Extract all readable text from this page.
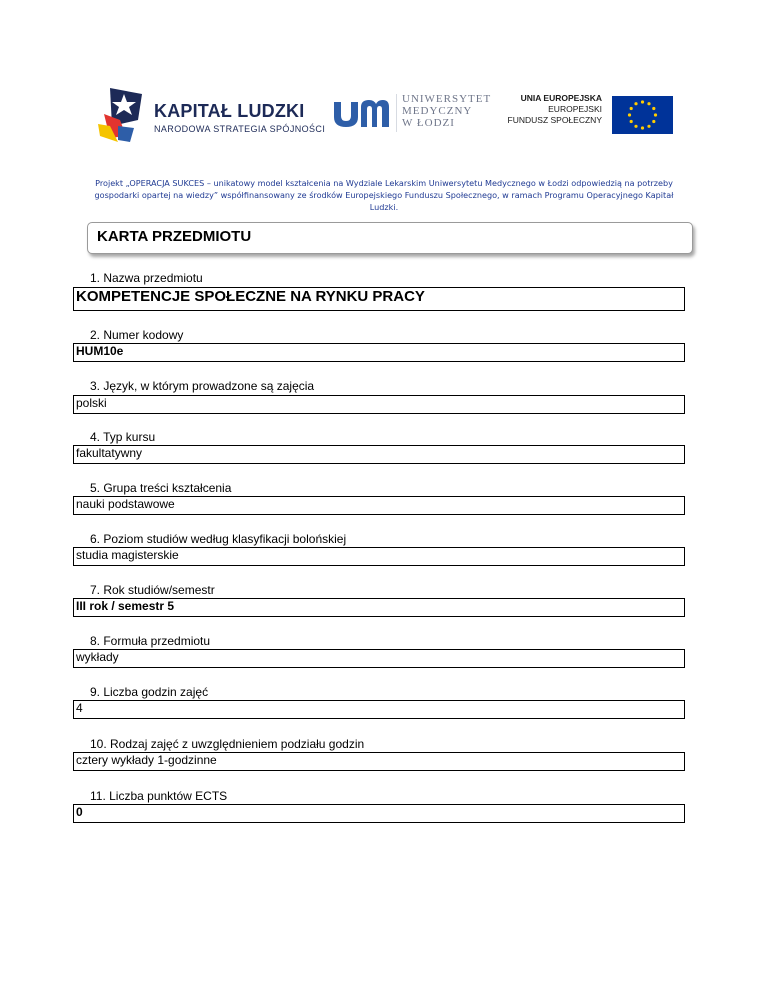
KAPITAŁ LUDZKI
NARODOWA STRATEGIA SPÓJNOŚCI
UNIWERSYTET
MEDYCZNY
W ŁODZI
UNIA EUROPEJSKA
EUROPEJSKI
FUNDUSZ SPOŁECZNY
Projekt „OPERACJA SUKCES – unikatowy model kształcenia na Wydziale Lekarskim Uniwersytetu Medycznego w Łodzi odpowiedzią na potrzeby gospodarki opartej na wiedzy” współfinansowany ze środków Europejskiego Funduszu Społecznego, w ramach Programu Operacyjnego Kapitał Ludzki.
KARTA PRZEDMIOTU
1. Nazwa przedmiotu
KOMPETENCJE SPOŁECZNE NA RYNKU PRACY
2. Numer kodowy
HUM10e
3. Język, w którym prowadzone są zajęcia
polski
4. Typ kursu
fakultatywny
5. Grupa treści kształcenia
nauki podstawowe
6. Poziom studiów według klasyfikacji bolońskiej
studia magisterskie
7. Rok studiów/semestr
III rok / semestr 5
8. Formuła przedmiotu
wykłady
9. Liczba godzin zajęć
4
10. Rodzaj zajęć z uwzględnieniem podziału godzin
cztery wykłady 1-godzinne
11. Liczba punktów ECTS
0
